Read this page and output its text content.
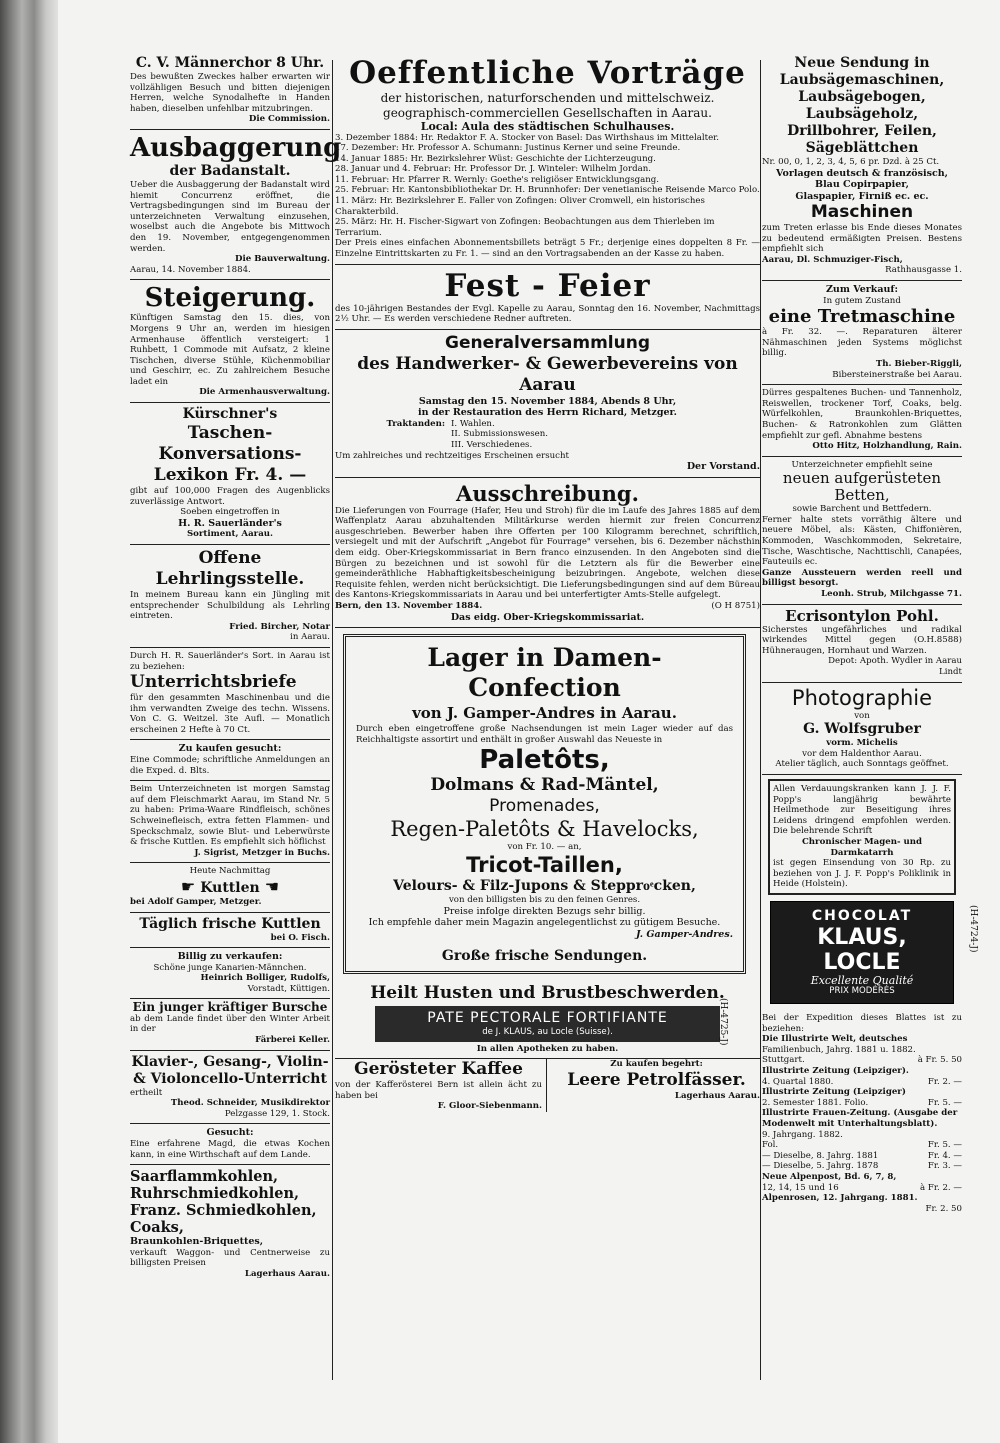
C. V. Männerchor 8 Uhr.
Des bewußten Zweckes halber erwarten wir vollzähligen Besuch und bitten diejenigen Herren, welche Synodalhefte in Handen haben, dieselben unfehlbar mitzubringen.
Die Commission.
Ausbaggerung
der Badanstalt.
Ueber die Ausbaggerung der Badanstalt wird hiemit Concurrenz eröffnet, die Vertragsbedingungen sind im Bureau der unterzeichneten Verwaltung einzusehen, woselbst auch die Angebote bis Mittwoch den 19. November, entgegengenommen werden.
Die Bauverwaltung.
Aarau, 14. November 1884.
Steigerung.
Künftigen Samstag den 15. dies, von Morgens 9 Uhr an, werden im hiesigen Armenhause öffentlich versteigert: 1 Ruhbett, 1 Commode mit Aufsatz, 2 kleine Tischchen, diverse Stühle, Küchenmobiliar und Geschirr, ec. Zu zahlreichem Besuche ladet ein
Die Armenhausverwaltung.
Kürschner's
Taschen-Konversations-
Lexikon Fr. 4. —
gibt auf 100,000 Fragen des Augenblicks zuverlässige Antwort.
Soeben eingetroffen in
H. R. Sauerländer's
Sortiment, Aarau.
Offene Lehrlingsstelle.
In meinem Bureau kann ein Jüngling mit entsprechender Schulbildung als Lehrling eintreten.
Fried. Bircher, Notar
in Aarau.
Durch H. R. Sauerländer's Sort. in Aarau ist zu beziehen:
Unterrichtsbriefe
für den gesammten Maschinenbau und die ihm verwandten Zweige des techn. Wissens. Von C. G. Weitzel. 3te Aufl. — Monatlich erscheinen 2 Hefte à 70 Ct.
Zu kaufen gesucht:
Eine Commode; schriftliche Anmeldungen an die Exped. d. Blts.
Beim Unterzeichneten ist morgen Samstag auf dem Fleischmarkt Aarau, im Stand Nr. 5 zu haben: Prima-Waare Rindfleisch, schönes Schweinefleisch, extra fetten Flammen- und Speckschmalz, sowie Blut- und Leberwürste & frische Kuttlen. Es empfiehlt sich höflichst
J. Sigrist, Metzger in Buchs.
Heute Nachmittag
☛ Kuttlen ☚
bei Adolf Gamper, Metzger.
Täglich frische Kuttlen
bei O. Fisch.
Billig zu verkaufen:
Schöne junge Kanarien-Männchen.
Heinrich Bolliger, Rudolfs,
Vorstadt, Küttigen.
Ein junger kräftiger Bursche
ab dem Lande findet über den Winter Arbeit in der
Färberei Keller.
Klavier-, Gesang-, Violin- & Violoncello-Unterricht
ertheilt
Theod. Schneider, Musikdirektor
Pelzgasse 129, 1. Stock.
Gesucht:
Eine erfahrene Magd, die etwas Kochen kann, in eine Wirthschaft auf dem Lande.
Saarflammkohlen, Ruhrschmiedkohlen, Franz. Schmiedkohlen, Coaks,
Braunkohlen-Briquettes,
verkauft Waggon- und Centnerweise zu billigsten Preisen
Lagerhaus Aarau.
Oeffentliche Vorträge
der historischen, naturforschenden und mittelschweiz.
geographisch-commerciellen Gesellschaften in Aarau.
Local: Aula des städtischen Schulhauses.
3. Dezember 1884: Hr. Redaktor F. A. Stocker von Basel: Das Wirthshaus im Mittelalter.
17. Dezember: Hr. Professor A. Schumann: Justinus Kerner und seine Freunde.
14. Januar 1885: Hr. Bezirkslehrer Wüst: Geschichte der Lichterzeugung.
28. Januar und 4. Februar: Hr. Professor Dr. J. Winteler: Wilhelm Jordan.
11. Februar: Hr. Pfarrer R. Wernly: Goethe's religiöser Entwicklungsgang.
25. Februar: Hr. Kantonsbibliothekar Dr. H. Brunnhofer: Der venetianische Reisende Marco Polo.
11. März: Hr. Bezirkslehrer E. Faller von Zofingen: Oliver Cromwell, ein historisches Charakterbild.
25. März: Hr. H. Fischer-Sigwart von Zofingen: Beobachtungen aus dem Thierleben im Terrarium.
Der Preis eines einfachen Abonnementsbillets beträgt 5 Fr.; derjenige eines doppelten 8 Fr. — Einzelne Eintrittskarten zu Fr. 1. — sind an den Vortragsabenden an der Kasse zu haben.
Fest - Feier
des 10-jährigen Bestandes der Evgl. Kapelle zu Aarau, Sonntag den 16. November, Nachmittags 2½ Uhr. — Es werden verschiedene Redner auftreten.
Generalversammlung
des Handwerker- & Gewerbevereins von Aarau
Samstag den 15. November 1884, Abends 8 Uhr,
in der Restauration des Herrn Richard, Metzger.
Traktanden: I. Wahlen.
II. Submissionswesen.
III. Verschiedenes.
Um zahlreiches und rechtzeitiges Erscheinen ersucht
Der Vorstand.
Ausschreibung.
Die Lieferungen von Fourrage (Hafer, Heu und Stroh) für die im Laufe des Jahres 1885 auf dem Waffenplatz Aarau abzuhaltenden Militärkurse werden hiermit zur freien Concurrenz ausgeschrieben. Bewerber haben ihre Offerten per 100 Kilogramm berechnet, schriftlich, versiegelt und mit der Aufschrift „Angebot für Fourrage" versehen, bis 6. Dezember nächsthin dem eidg. Ober-Kriegskommissariat in Bern franco einzusenden. In den Angeboten sind die Bürgen zu bezeichnen und ist sowohl für die Letztern als für die Bewerber eine gemeinderäthliche Habhaftigkeitsbescheinigung beizubringen. Angebote, welchen diese Requisite fehlen, werden nicht berücksichtigt. Die Lieferungsbedingungen sind auf dem Büreau des Kantons-Kriegskommissariats in Aarau und bei unterfertigter Amts-Stelle aufgelegt.
Bern, den 13. November 1884.	(O H 8751)
Das eidg. Ober-Kriegskommissariat.
Lager in Damen-Confection
von J. Gamper-Andres in Aarau.
Durch eben eingetroffene große Nachsendungen ist mein Lager wieder auf das Reichhaltigste assortirt und enthält in großer Auswahl das Neueste in
Paletôts,
Dolmans & Rad-Mäntel,
Promenades,
Regen-Paletôts & Havelocks,
von Fr. 10. — an,
Tricot-Taillen,
Velours- & Filz-Jupons & Stepproͤcken,
von den billigsten bis zu den feinen Genres.
Preise infolge direkten Bezugs sehr billig.
Ich empfehle daher mein Magazin angelegentlichst zu gütigem Besuche.
J. Gamper-Andres.
Große frische Sendungen.
Heilt Husten und Brustbeschwerden.
PATE PECTORALE FORTIFIANTE
de J. KLAUS, au Locle (Suisse).
In allen Apotheken zu haben.
(H-4725-J)
Gerösteter Kaffee
von der Kafferösterei Bern ist allein ächt zu haben bei
F. Gloor-Siebenmann.
Zu kaufen begehrt:
Leere Petrolfässer.
Lagerhaus Aarau.
Neue Sendung in
Laubsägemaschinen,
Laubsägebogen,
Laubsägeholz,
Drillbohrer, Feilen,
Sägeblättchen
Nr. 00, 0, 1, 2, 3, 4, 5, 6 pr. Dzd. à 25 Ct.
Vorlagen deutsch & französisch,
Blau Copirpapier,
Glaspapier, Firniß ec. ec.
Maschinen
zum Treten erlasse bis Ende dieses Monates zu bedeutend ermäßigten Preisen. Bestens empfiehlt sich
Aarau, Dl. Schmuziger-Fisch,
Rathhausgasse 1.
Zum Verkauf:
In gutem Zustand
eine Tretmaschine
à Fr. 32. —. Reparaturen älterer Nähmaschinen jeden Systems möglichst billig.
Th. Bieber-Riggli,
Bibersteinerstraße bei Aarau.
Dürres gespaltenes Buchen- und Tannenholz, Reiswellen, trockener Torf, Coaks, belg. Würfelkohlen, Braunkohlen-Briquettes, Buchen- & Ratronkohlen zum Glätten empfiehlt zur gefl. Abnahme bestens
Otto Hitz, Holzhandlung, Rain.
Unterzeichneter empfiehlt seine
neuen aufgerüsteten Betten,
sowie Barchent und Bettfedern.
Ferner halte stets vorräthig ältere und neuere Möbel, als: Kästen, Chiffonièren, Kommoden, Waschkommoden, Sekretaire, Tische, Waschtische, Nachttischli, Canapées, Fauteuils ec.
Ganze Aussteuern werden reell und billigst besorgt.
Leonh. Strub, Milchgasse 71.
Ecrisontylon Pohl.
Sicherstes ungefährliches und radikal wirkendes Mittel gegen (O.H.8588) Hühneraugen, Hornhaut und Warzen.
Depot: Apoth. Wydler in Aarau
Lindt
Photographie
von
G. Wolfsgruber
vorm. Michelis
vor dem Haldenthor Aarau.
Atelier täglich, auch Sonntags geöffnet.
Allen Verdauungskranken kann J. J. F. Popp's langjährig bewährte Heilmethode zur Beseitigung ihres Leidens dringend empfohlen werden. Die belehrende Schrift
Chronischer Magen- und Darmkatarrh
ist gegen Einsendung von 30 Rp. zu beziehen von J. J. F. Popp's Poliklinik in Heide (Holstein).
CHOCOLAT
KLAUS, LOCLE
Excellente Qualité
PRIX MODÉRÉS
(H-4724-J)
Bei der Expedition dieses Blattes ist zu beziehen:
Die Illustrirte Welt, deutsches
Familienbuch, Jahrg. 1881 u. 1882.
Stuttgart.	à Fr. 5. 50
Illustrirte Zeitung (Leipziger).
4. Quartal 1880.	Fr. 2. —
Illustrirte Zeitung (Leipziger)
2. Semester 1881. Folio.	Fr. 5. —
Illustrirte Frauen-Zeitung. (Ausgabe der Modenwelt mit Unterhaltungsblatt).
9. Jahrgang. 1882.
Fol.	Fr. 5. —
— Dieselbe, 8. Jahrg. 1881	Fr. 4. —
— Dieselbe, 5. Jahrg. 1878	Fr. 3. —
Neue Alpenpost, Bd. 6, 7, 8,
12, 14, 15 und 16	à Fr. 2. —
Alpenrosen, 12. Jahrgang. 1881.
Fr. 2. 50
